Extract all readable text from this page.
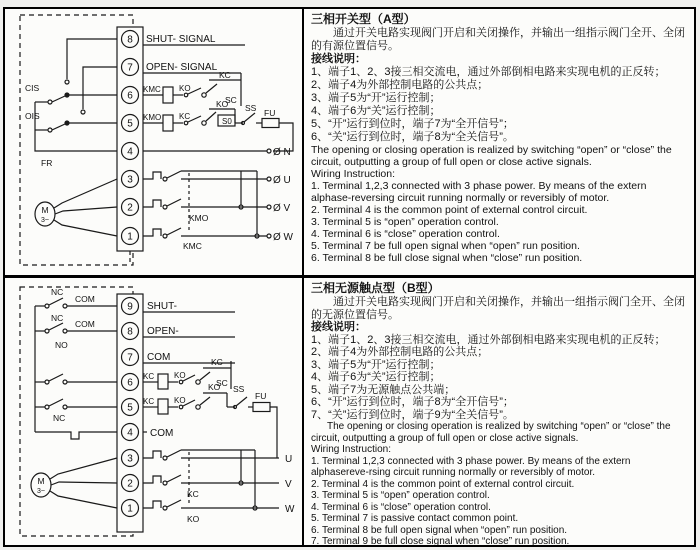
8
7
6
5
4
3
2
1
SHUT- SIGNAL
OPEN- SIGNAL
Ø N
Ø U
Ø V
Ø W
CIS
OIS
FR
KMC KO
KC
SC
KMO KC
KO
S0
SS FU
KMO
KMC
M
3~
三相开关型（A型）

通过开关电路实现阀门开启和关闭操作，并输出一组指示阀门全开、全闭的有源位置信号。

接线说明：
1、端子1、2、3接三相交流电，通过外部倒相电路来实现电机的正反转；
2、端子4为外部控制电路的公共点；
3、端子5为“开”运行控制；
4、端子6为“关”运行控制；
5、“开”运行到位时，端子7为“全开信号”；
6、“关”运行到位时，端子8为“全关信号”。

The opening or closing operation is realized by switching “open” or “close” the circuit, outputting a group of full open or close active signals.

Wiring Instruction:
1. Terminal 1,2,3 connected with 3 phase power. By means of the extern alphase-reversing circuit running normally or reversibly of motor.
2. Terminal 4 is the common point of external control circuit.
3. Terminal 5 is “open” operation control.
4. Terminal 6 is “close” operation control.
5. Terminal 7 be full open signal when “open” run position.
6. Terminal 8 be full close signal when “close” run position.
9
8
7
6
5
4
3
2
1
SHUT-
OPEN-
COM
COM
U
V
W
NC
COM
NC
COM
NO
NC
KC KO
KC
SC
KC KO
KO SS
FU
KC
KO
M
3~
三相无源触点型（B型）

通过开关电路实现阀门开启和关闭操作，并输出一组指示阀门全开、全闭的无源位置信号。

接线说明：
1、端子1、2、3接三相交流电，通过外部倒相电路来实现电机的正反转；
2、端子4为外部控制电路的公共点；
3、端子5为“开”运行控制；
4、端子6为“关”运行控制；
5、端子7为无源触点公共端；
6、“开”运行到位时，端子8为“全开信号”；
7、“关”运行到位时，端子9为“全关信号”。

The opening or closing operation is realized by switching “open” or “close” the circuit, outputting a group of full open or close active signals.

Wiring Instruction:
1. Terminal 1,2,3 connected with 3 phase power. By means of the extern alphasereve-rsing circuit running normally or reversibly of motor.
2. Terminal 4 is the common point of external control circuit.
3. Terminal 5 is “open” operation control.
4. Terminal 6 is “close” operation control.
5. Terminal 7 is passive contact common point.
6. Terminal 8 be full open signal when “open” run position.
7. Terminal 9 be full close signal when “close” run position.
